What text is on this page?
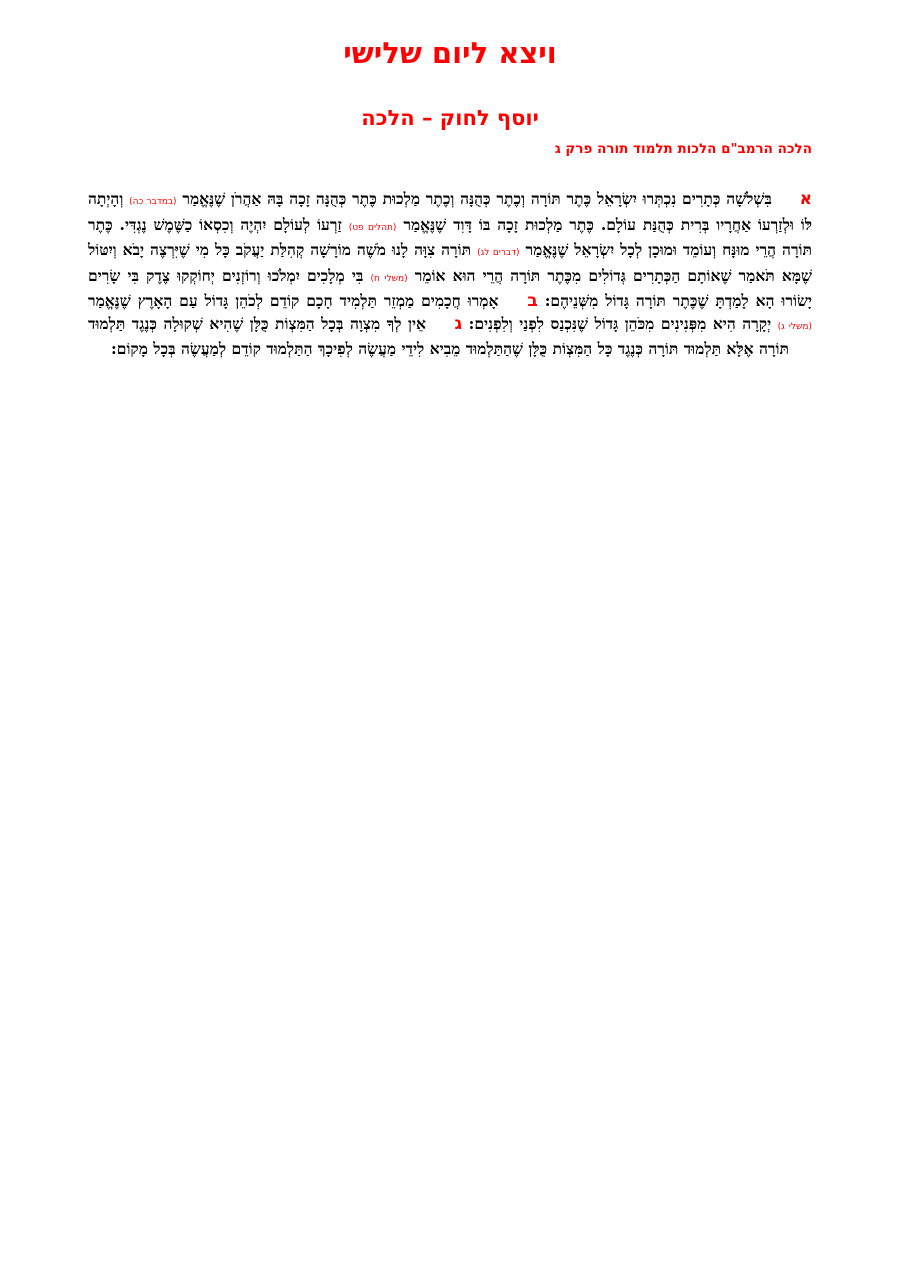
ויצא ליום שלישי
יוסף לחוק – הלכה
הלכה הרמב"ם הלכות תלמוד תורה פרק ג
א בִּשְׁלֹשָׁה כְּתָרִים נִכְתְּרוּ יִשְׂרָאֵל כֶּתֶר תּוֹרָה וְכֶתֶר כְּהֻנָּה וְכֶתֶר מַלְכוּת כֶּתֶר כְּהֻנָּה זָכָה בָּהּ אַהֲרֹן שֶׁנֶּאֱמַר (במדבר כה) וְהָיְתָה לּוֹ וּלְזַרְעוֹ אַחֲרָיו בְּרִית כְּהֻנַּת עוֹלָם. כֶּתֶר מַלְכוּת זָכָה בּוֹ דָּוִד שֶׁנֶּאֱמַר (תהלים פט) זַרְעוֹ לְעוֹלָם יִהְיֶה וְכִסְאוֹ כַשֶּׁמֶשׁ נֶגְדִּי. כֶּתֶר תּוֹרָה הֲרֵי מוּנָּח וְעוֹמֵד וּמוּכָן לְכָל יִשְׂרָאֵל שֶׁנֶּאֱמַר (דברים לג) תּוֹרָה צִוָּה לָנוּ מֹשֶׁה מוֹרָשָׁה קְהִלַּת יַעֲקֹב כָּל מִי שֶׁיִּרְצֶה יָבֹא וְיִטּוֹל שֶׁמָּא תֹּאמַר שֶׁאוֹתָם הַכְּתָרִים גְּדוֹלִים מִכֶּתֶר תּוֹרָה הֲרֵי הוּא אוֹמֵר (משלי ח) בִּי מְלָכִים יִמְלֹכוּ וְרוֹזְנִים יְחוֹקְקוּ צֶדֶק בִּי שָׂרִים יָשׂוֹרוּ הָא לָמַדְתָּ שֶׁכֶּתֶר תּוֹרָה גָּדוֹל מִשְּׁנֵיהֶם: ב אָמְרוּ חֲכָמִים מַמְזֵר תַּלְמִיד חָכָם קוֹדֵם לְכֹהֵן גָּדוֹל עַם הָאָרֶץ שֶׁנֶּאֱמַר (משלי ג) יְקָרָה הִיא מִפְּנִינִים מִכֹּהֵן גָּדוֹל שֶׁנִּכְנַס לִפְנַי וְלִפְנִים: ג אֵין לְךָ מִצְוָה בְּכָל הַמִּצְוֹת כֻּלָּן שֶׁהִיא שְׁקוּלָה כְּנֶגֶד תַּלְמוּד תּוֹרָה אֶלָּא תַּלְמוּד תּוֹרָה כְּנֶגֶד כָּל הַמִּצְוֹת כֻּלָּן שֶׁהַתַּלְמוּד מֵבִיא לִידֵי מַעֲשֶׂה לְפִיכָךְ הַתַּלְמוּד קוֹדֵם לְמַעֲשֶׂה בְּכָל מָקוֹם:
